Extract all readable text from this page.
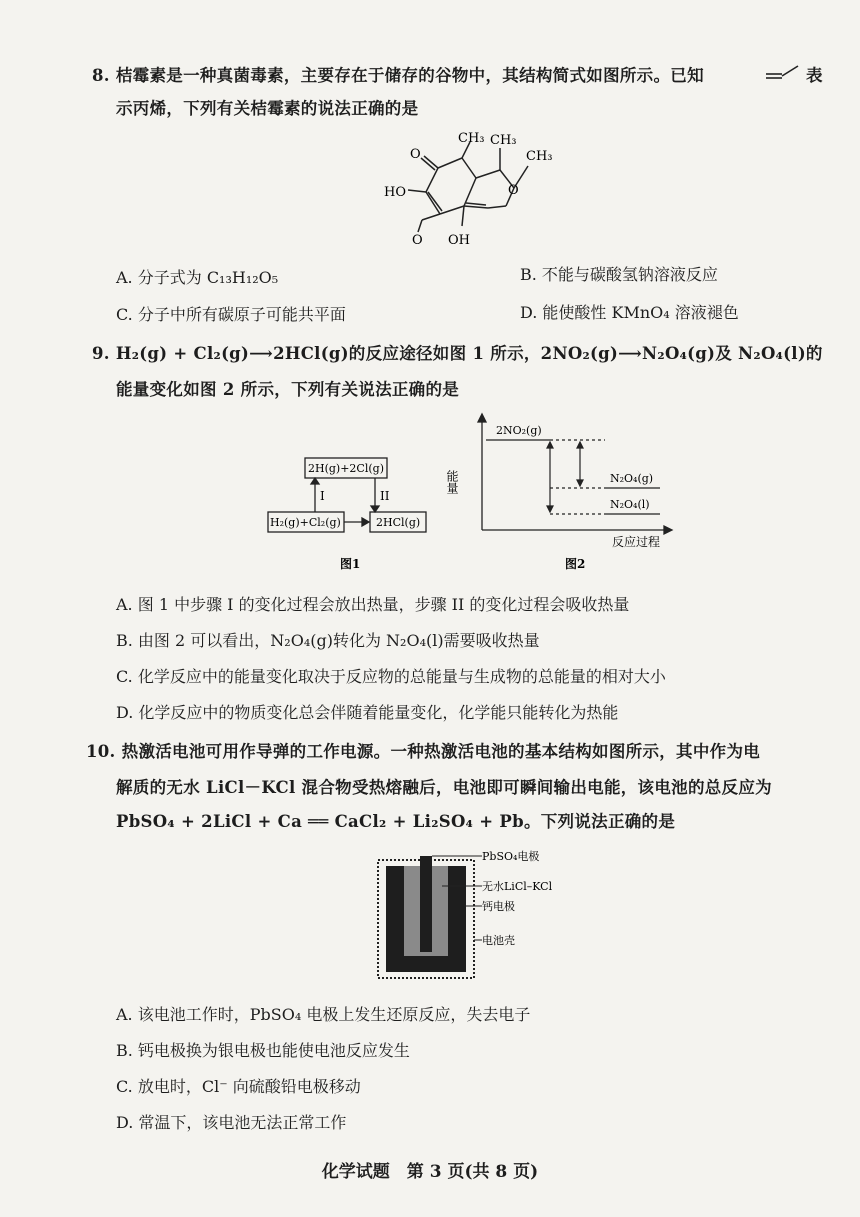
8. 桔霉素是一种真菌毒素，主要存在于储存的谷物中，其结构简式如图所示。已知	表
示丙烯，下列有关桔霉素的说法正确的是
CH₃ CH₃
CH₃
O
HO
O OH
O
A. 分子式为 C₁₃H₁₂O₅	B. 不能与碳酸氢钠溶液反应
C. 分子中所有碳原子可能共平面	D. 能使酸性 KMnO₄ 溶液褪色
9. H₂(g) + Cl₂(g)⟶2HCl(g)的反应途径如图 1 所示，2NO₂(g)⟶N₂O₄(g)及 N₂O₄(l)的
能量变化如图 2 所示，下列有关说法正确的是
2H(g)+2Cl(g)
H₂(g)+Cl₂(g)	2HCl(g)
I	II
图1
2NO₂(g)
N₂O₄(g)
N₂O₄(l)
能量
反应过程
图2
A. 图 1 中步骤 I 的变化过程会放出热量，步骤 II 的变化过程会吸收热量
B. 由图 2 可以看出，N₂O₄(g)转化为 N₂O₄(l)需要吸收热量
C. 化学反应中的能量变化取决于反应物的总能量与生成物的总能量的相对大小
D. 化学反应中的物质变化总会伴随着能量变化，化学能只能转化为热能
10. 热激活电池可用作导弹的工作电源。一种热激活电池的基本结构如图所示，其中作为电
解质的无水 LiCl－KCl 混合物受热熔融后，电池即可瞬间输出电能，该电池的总反应为
PbSO₄ + 2LiCl + Ca ══ CaCl₂ + Li₂SO₄ + Pb。下列说法正确的是
PbSO₄电极
无水LiCl–KCl
钙电极
电池壳
A. 该电池工作时，PbSO₄ 电极上发生还原反应，失去电子
B. 钙电极换为银电极也能使电池反应发生
C. 放电时，Cl⁻ 向硫酸铅电极移动
D. 常温下，该电池无法正常工作
化学试题　第 3 页(共 8 页)
